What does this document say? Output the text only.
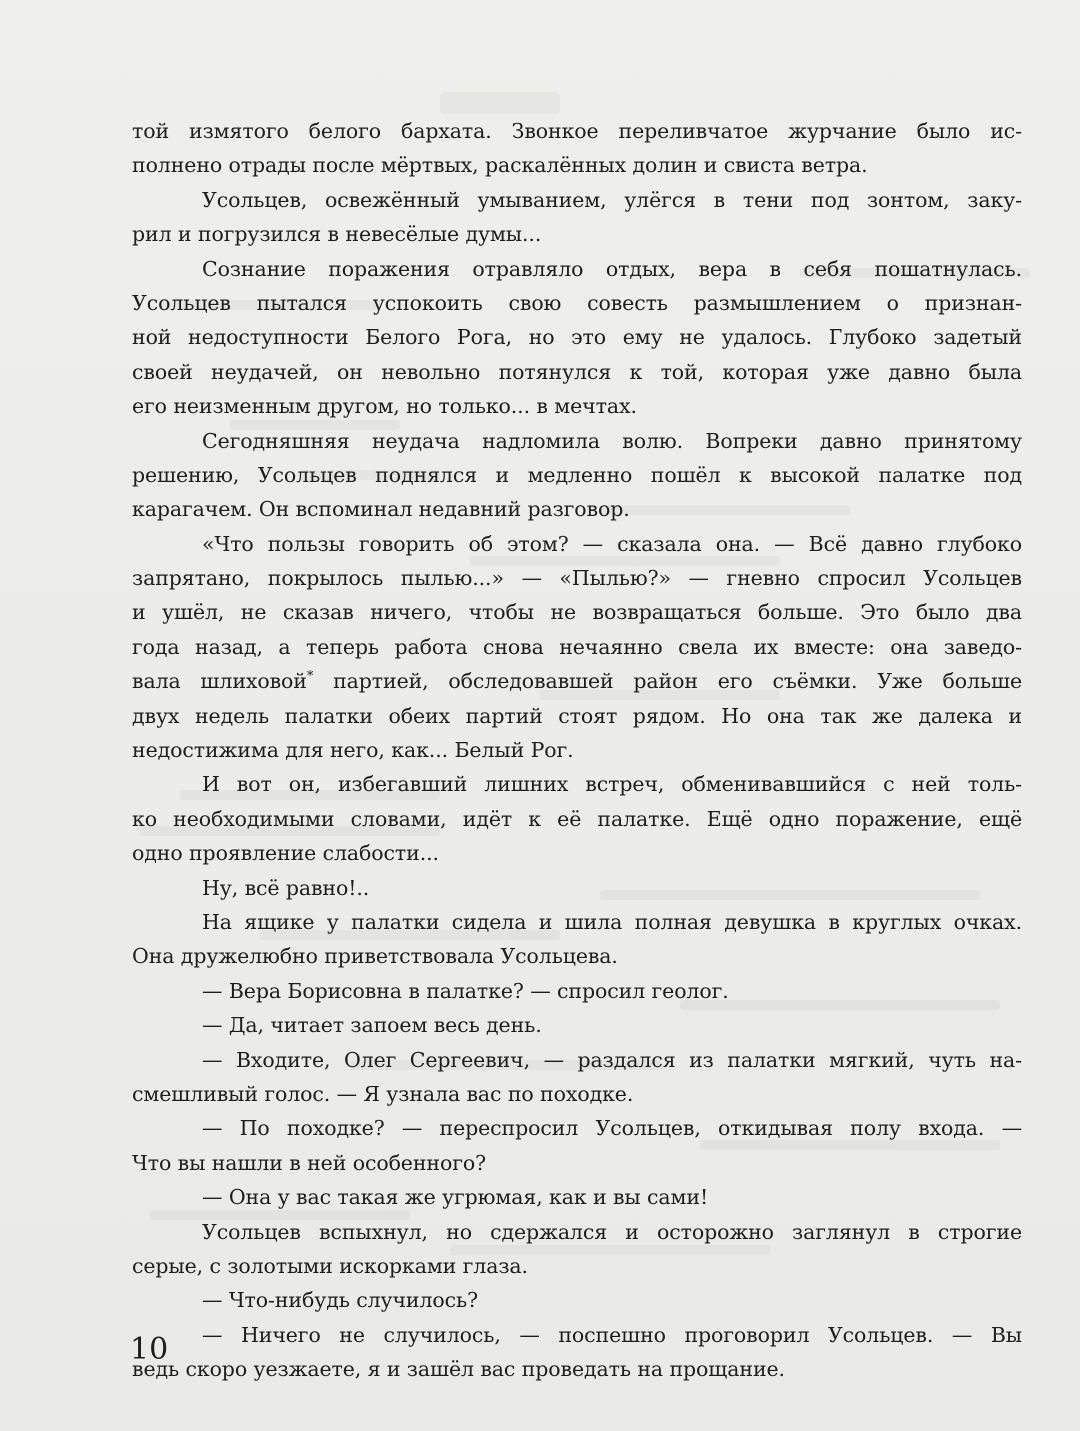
той измятого белого бархата. Звонкое переливчатое журчание было ис-
полнено отрады после мёртвых, раскалённых долин и свиста ветра.
Усольцев, освежённый умыванием, улёгся в тени под зонтом, заку-
рил и погрузился в невесёлые думы...
Сознание поражения отравляло отдых, вера в себя пошатнулась.
Усольцев пытался успокоить свою совесть размышлением о признан-
ной недоступности Белого Рога, но это ему не удалось. Глубоко задетый
своей неудачей, он невольно потянулся к той, которая уже давно была
его неизменным другом, но только... в мечтах.
Сегодняшняя неудача надломила волю. Вопреки давно принятому
решению, Усольцев поднялся и медленно пошёл к высокой палатке под
карагачем. Он вспоминал недавний разговор.
«Что пользы говорить об этом? — сказала она. — Всё давно глубоко
запрятано, покрылось пылью...» — «Пылью?» — гневно спросил Усольцев
и ушёл, не сказав ничего, чтобы не возвращаться больше. Это было два
года назад, а теперь работа снова нечаянно свела их вместе: она заведо-
вала шлиховой* партией, обследовавшей район его съёмки. Уже больше
двух недель палатки обеих партий стоят рядом. Но она так же далека и
недостижима для него, как... Белый Рог.
И вот он, избегавший лишних встреч, обменивавшийся с ней толь-
ко необходимыми словами, идёт к её палатке. Ещё одно поражение, ещё
одно проявление слабости...
Ну, всё равно!..
На ящике у палатки сидела и шила полная девушка в круглых очках.
Она дружелюбно приветствовала Усольцева.
— Вера Борисовна в палатке? — спросил геолог.
— Да, читает запоем весь день.
— Входите, Олег Сергеевич, — раздался из палатки мягкий, чуть на-
смешливый голос. — Я узнала вас по походке.
— По походке? — переспросил Усольцев, откидывая полу входа. —
Что вы нашли в ней особенного?
— Она у вас такая же угрюмая, как и вы сами!
Усольцев вспыхнул, но сдержался и осторожно заглянул в строгие
серые, с золотыми искорками глаза.
— Что-нибудь случилось?
— Ничего не случилось, — поспешно проговорил Усольцев. — Вы
ведь скоро уезжаете, я и зашёл вас проведать на прощание.
10
